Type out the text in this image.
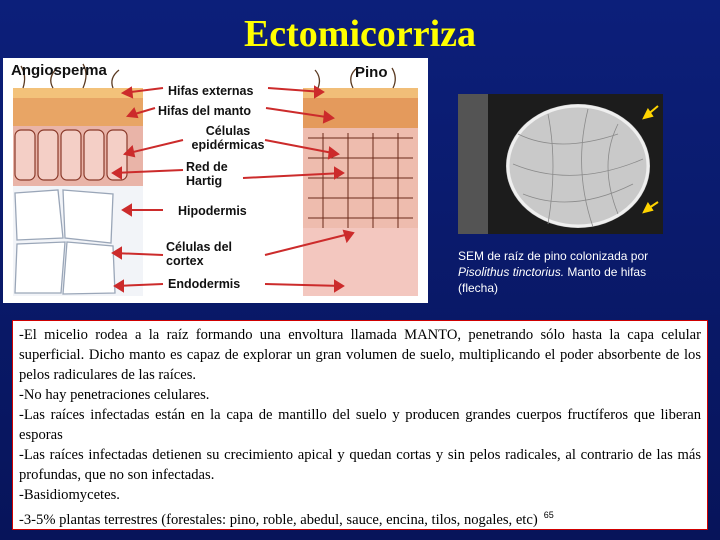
Ectomicorriza
Angiosperma	Pino
Hifas externas
Hifas del manto
Células epidérmicas
Red de Hartig
Hipodermis
Células del cortex
Endodermis
SEM de raíz de pino colonizada por Pisolithus tinctorius. Manto de hifas (flecha)

-El micelio rodea a la raíz formando una envoltura llamada MANTO, penetrando sólo hasta la capa celular superficial. Dicho manto es capaz de explorar un gran volumen de suelo, multiplicando el poder absorbente de los pelos radiculares de las raíces.

-No hay penetraciones celulares.

-Las raíces infectadas están en la capa de mantillo del suelo y producen grandes cuerpos fructíferos que liberan esporas

-Las raíces infectadas detienen su crecimiento apical y quedan cortas y sin pelos radicales, al contrario de las más profundas, que no son infectadas.

-Basidiomycetes.

-3-5% plantas terrestres (forestales: pino, roble, abedul, sauce, encina, tilos, nogales, etc) $^{65}$
